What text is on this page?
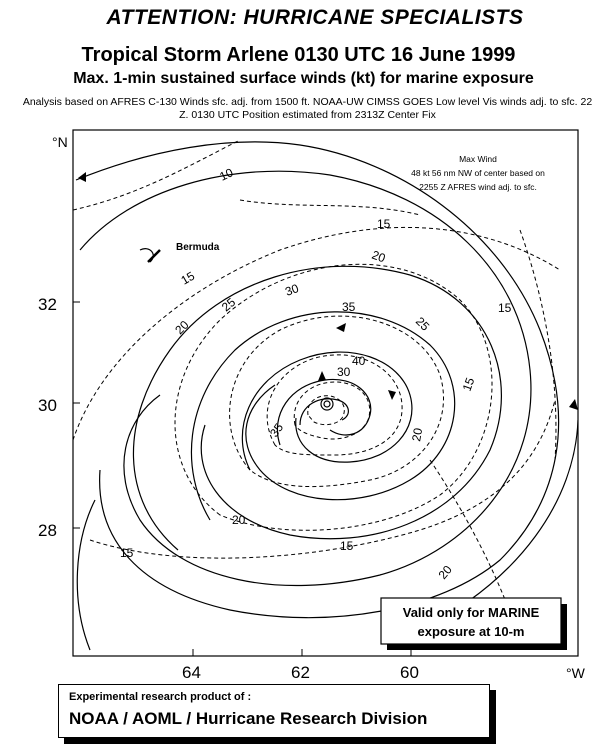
ATTENTION: HURRICANE SPECIALISTS
Tropical Storm Arlene 0130 UTC 16 June 1999
Max. 1-min sustained surface winds (kt) for marine exposure
Analysis based on AFRES C-130 Winds sfc. adj. from 1500 ft. NOAA-UW CIMSS GOES Low level Vis winds adj. to sfc. 22 Z. 0130 UTC Position estimated from 2313Z Center Fix
°N
32
30
28
64	62	60	°W
Bermuda
10
15
15
15	15
15
20
20
20
20
25
25
30
30
35
35
40
15
20
Max Wind
48 kt 56 nm NW of center based on
2255 Z AFRES wind adj. to sfc.
Valid only for MARINE
exposure at 10-m
Experimental research product of :
NOAA / AOML / Hurricane Research Division
